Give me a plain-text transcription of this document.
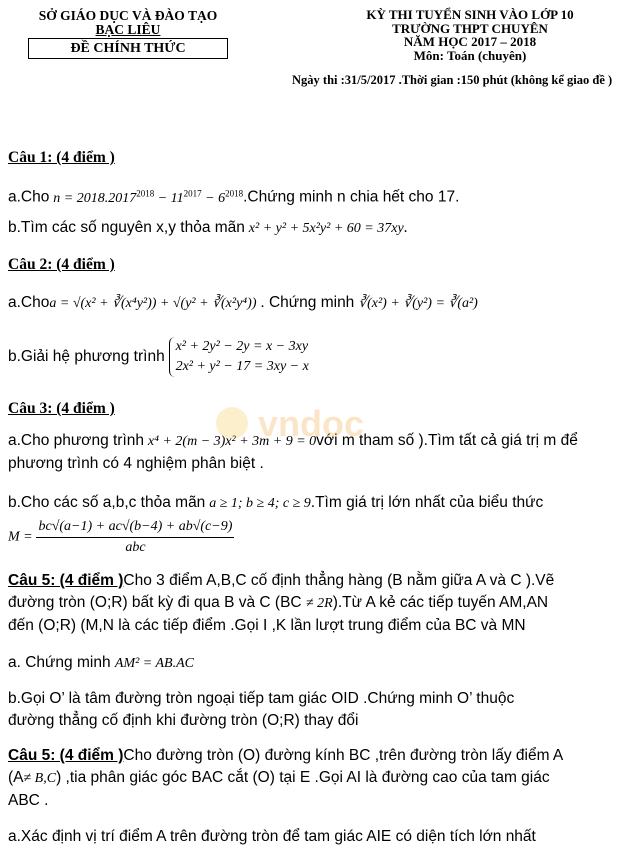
SỞ GIÁO DỤC VÀ ĐÀO TẠO
BẠC LIÊU
ĐỀ CHÍNH THỨC
KỲ THI TUYỂN SINH VÀO LỚP 10
TRƯỜNG THPT CHUYÊN
NĂM HỌC 2017 – 2018
Môn: Toán (chuyên)
Ngày thi :31/5/2017 .Thời gian :150 phút (không kể giao đề )
Câu 1: (4 điểm )
a.Cho $n = 2018.2017^{2018} - 11^{2017}$ − $6^{2018}.Chứng$ minh n chia hết cho 17.
b.Tìm các số nguyên x,y thỏa mãn x² + y² + 5x²y² + 60 = 37xy.
Câu 2: (4 điểm )
a.Choa = √(x² + ∛(x⁴y²)) + √(y² + ∛(x²y⁴)) . Chứng minh ∛(x²) + ∛(y²) = ∛(a²)
b.Giải hệ phương trình
x² + 2y² − 2y = x − 3xy
2x² + y² − 17 = 3xy − x
Câu 3: (4 điểm )
a.Cho phương trình x⁴ + 2(m − 3)x² + 3m + 9 = 0với m tham số ).Tìm tất cả giá trị m để
phương trình có 4 nghiệm phân biệt .
b.Cho các số a,b,c thỏa mãn a ≥ 1; b ≥ 4; c ≥ 9.Tìm giá trị lớn nhất của biểu thức
$M = \frac{bc√(a-1) + ac√(b-4) + ab√(c-9)}{\text{abc}}$
Câu 5: (4 điểm )Cho 3 điểm A,B,C cố định thẳng hàng (B nằm giữa A và C ).Vẽ
đường tròn (O;R) bất kỳ đi qua B và C (BC ≠ 2R).Từ A kẻ các tiếp tuyến AM,AN
đến (O;R) (M,N là các tiếp điểm .Gọi I ,K lần lượt trung điểm của BC và MN
a. Chứng minh AM² = AB.AC
b.Gọi O’ là tâm đường tròn ngoại tiếp tam giác OID .Chứng minh O’ thuộc
đường thẳng cố định khi đường tròn (O;R) thay đổi
Câu 5: (4 điểm )Cho đường tròn (O) đường kính BC ,trên đường tròn lấy điểm A
(A≠ B,C) ,tia phân giác góc BAC cắt (O) tại E .Gọi AI là đường cao của tam giác
ABC .
a.Xác định vị trí điểm A trên đường tròn để tam giác AIE có diện tích lớn nhất
vndoc
